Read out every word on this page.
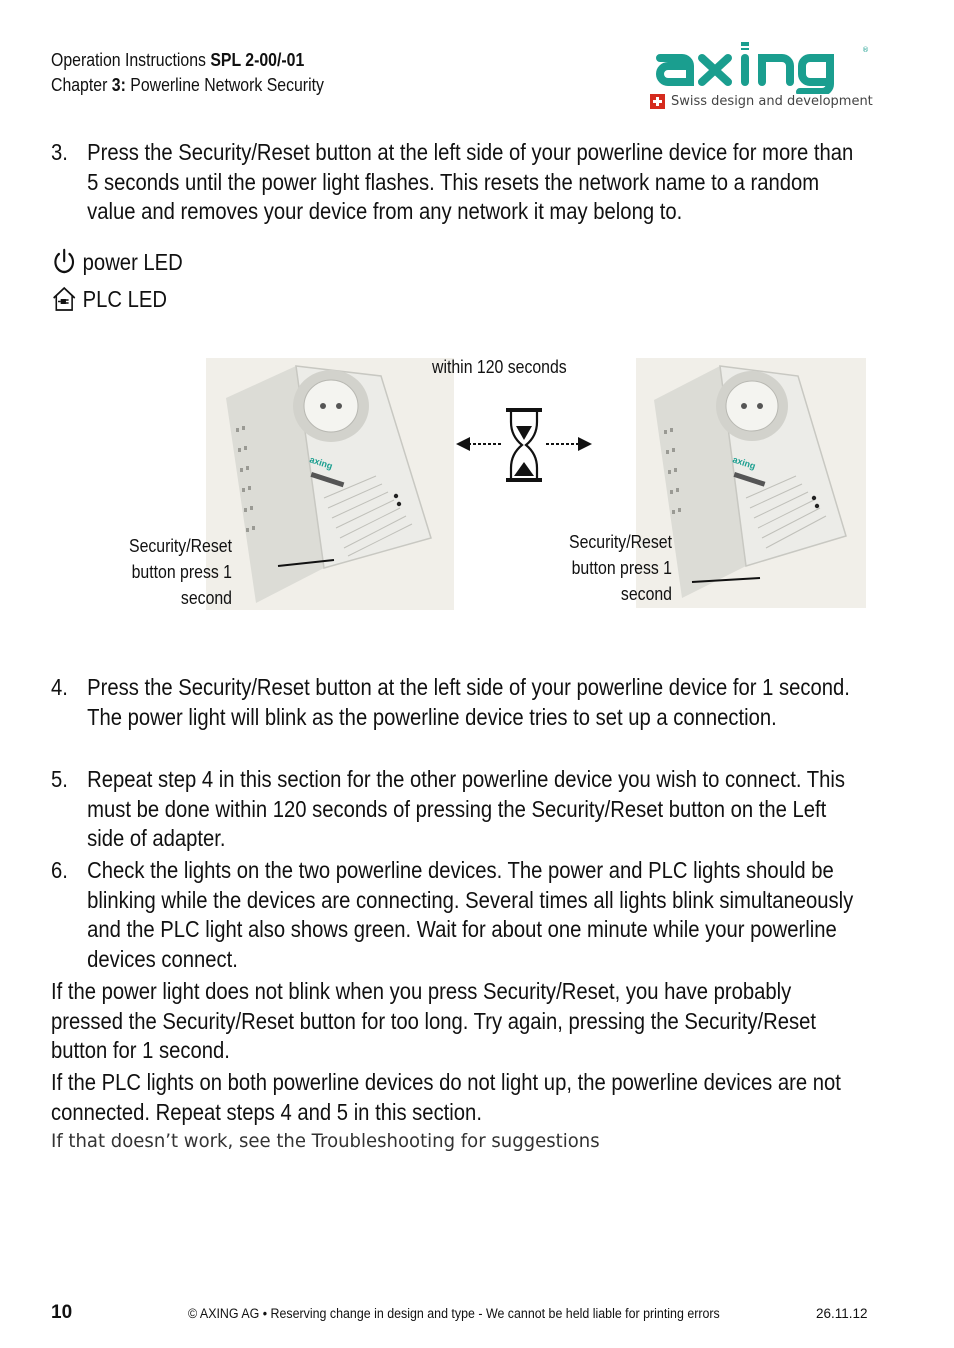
Operation Instructions SPL 2-00/-01
Chapter 3: Powerline Network Security
®
Swiss design and development
3. Press the Security/Reset button at the left side of your powerline device for more than 5 seconds until the power light flashes. This resets the network name to a random value and removes your device from any network it may belong to.
power LED
PLC LED
axing	axing
within 120 seconds
Security/Reset
button press 1
second
Security/Reset
button press 1
second
4. Press the Security/Reset button at the left side of your powerline device for 1 second. The power light will blink as the powerline device tries to set up a connection.
5. Repeat step 4 in this section for the other powerline device you wish to connect. This must be done within 120 seconds of pressing the Security/Reset button on the Left side of adapter.
6. Check the lights on the two powerline devices. The power and PLC lights should be blinking while the devices are connecting. Several times all lights blink simultaneously and the PLC light also shows green. Wait for about one minute while your powerline devices connect.
If the power light does not blink when you press Security/Reset, you have probably pressed the Security/Reset button for too long. Try again, pressing the Security/Reset button for 1 second.
If the PLC lights on both powerline devices do not light up, the powerline devices are not connected. Repeat steps 4 and 5 in this section.
If that doesn’t work, see the Troubleshooting for suggestions
10	© AXING AG • Reserving change in design and type - We cannot be held liable for printing errors	26.11.12
